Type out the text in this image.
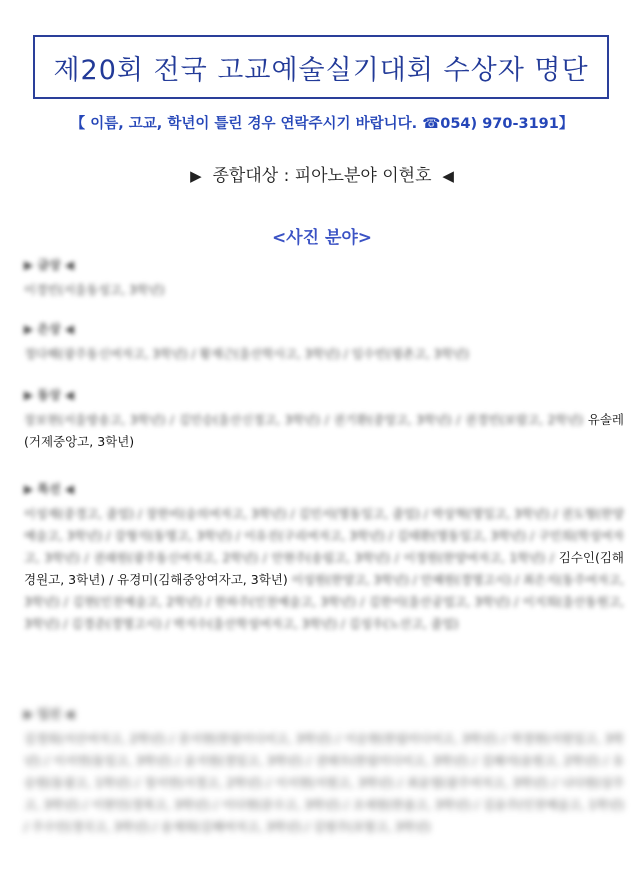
제20회 전국 고교예술실기대회 수상자 명단
【 이름, 고교, 학년이 틀린 경우 연락주시기 바랍니다. ☎054) 970-3191】
▶ 종합대상 : 피아노분야 이현호 ◀
<사진 분야>
▶ 금상 ◀
이경빈(서울동성고, 3학년)
▶ 은상 ◀
정다해(광주동신여자고, 3학년) / 황재근(울산학사고, 3학년) / 임수빈(평촌고, 3학년)
▶ 동상 ◀
장보현(서울방송고, 3학년) / 김민승(울산신정고, 3학년) / 권기환(중앙고, 3학년) / 권경빈(보람고, 2학년) 유솔레(거제중앙고, 3학년)
▶ 특선 ◀
이성재(중경고, 졸업) / 장한비(숭의여자고, 3학년) / 김민서(명동일고, 졸업) / 박상혁(명일고, 3학년) / 권도형(한양예술고, 3학년) / 강형석(동명고, 3학년) / 이유진(구리여자고, 3학년) / 김태환(명동일고, 3학년) / 구민희(학성여자고, 3학년) / 권래원(광주동신여자고, 2학년) / 안현주(송림고, 3학년) / 이정원(한양여자고, 1학년) / 김수인(김해경원고, 3학년) / 유경미(김해중앙여자고, 3학년) 이성원(한양고, 3학년) / 안혜원(경명고시) / 최은지(동주여자고, 3학년) / 김현(인천예술고, 2학년) / 한하주(인천예술고, 3학년) / 김한이(울산공업고, 3학년) / 이지희(울산동원고, 3학년) / 김경준(경명고시) / 박지수(울산학성여자고, 3학년) / 김성우(노산고, 졸업)
▶ 입선 ◀
김경희(서산여자고, 2학년) / 문서현(한림미디어고, 3학년) / 이승현(한림미디어고, 3학년) / 박경현(서원일고, 3학년) / 이서연(동일고, 3학년) / 윤지원(경일고, 3학년) / 권태우(한림미디어고, 3학년) / 김혜서(송원고, 2학년) / 유승원(동광고, 1학년) / 정서연(서경고, 2학년) / 이서현(서원고, 3학년) / 최윤영(광주여자고, 3학년) / 나다원(상주고, 3학년) / 이현민(경북고, 3학년) / 이다현(문수고, 3학년) / 조세원(한솔고, 3학년) / 김윤주(인천예술고, 1학년) / 주수민(경국고, 3학년) / 송재희(김해여자고, 3학년) / 김범주(포항고, 3학년)
